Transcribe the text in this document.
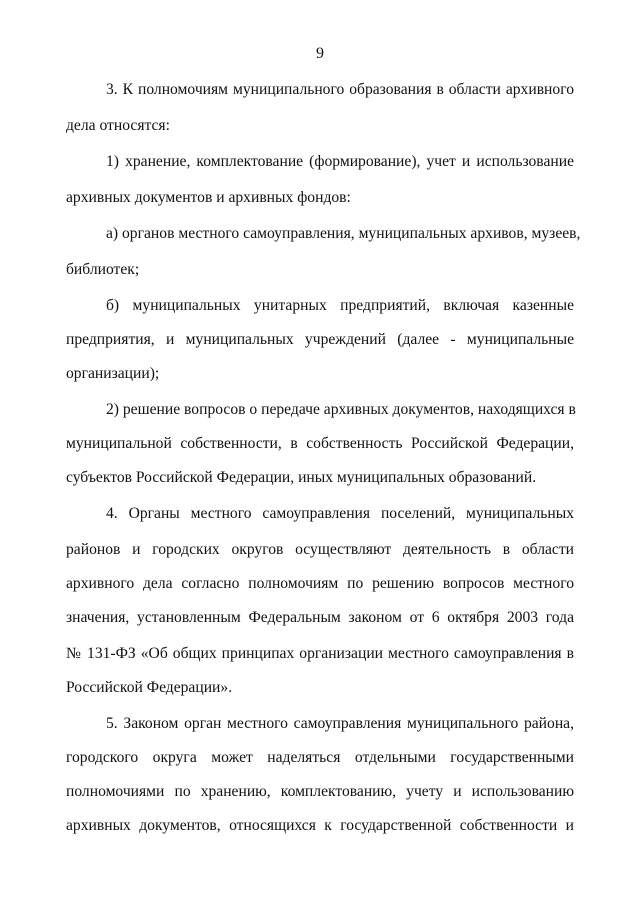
9
3. К полномочиям муниципального образования в области архивного
дела относятся:
1) хранение, комплектование (формирование), учет и использование
архивных документов и архивных фондов:
а) органов местного самоуправления, муниципальных архивов, музеев,
библиотек;
б) муниципальных унитарных предприятий, включая казенные
предприятия, и муниципальных учреждений (далее - муниципальные
организации);
2) решение вопросов о передаче архивных документов, находящихся в
муниципальной собственности, в собственность Российской Федерации,
субъектов Российской Федерации, иных муниципальных образований.
4. Органы местного самоуправления поселений, муниципальных
районов и городских округов осуществляют деятельность в области
архивного дела согласно полномочиям по решению вопросов местного
значения, установленным Федеральным законом от 6 октября 2003 года
№ 131-ФЗ «Об общих принципах организации местного самоуправления в
Российской Федерации».
5. Законом орган местного самоуправления муниципального района,
городского округа может наделяться отдельными государственными
полномочиями по хранению, комплектованию, учету и использованию
архивных документов, относящихся к государственной собственности и
